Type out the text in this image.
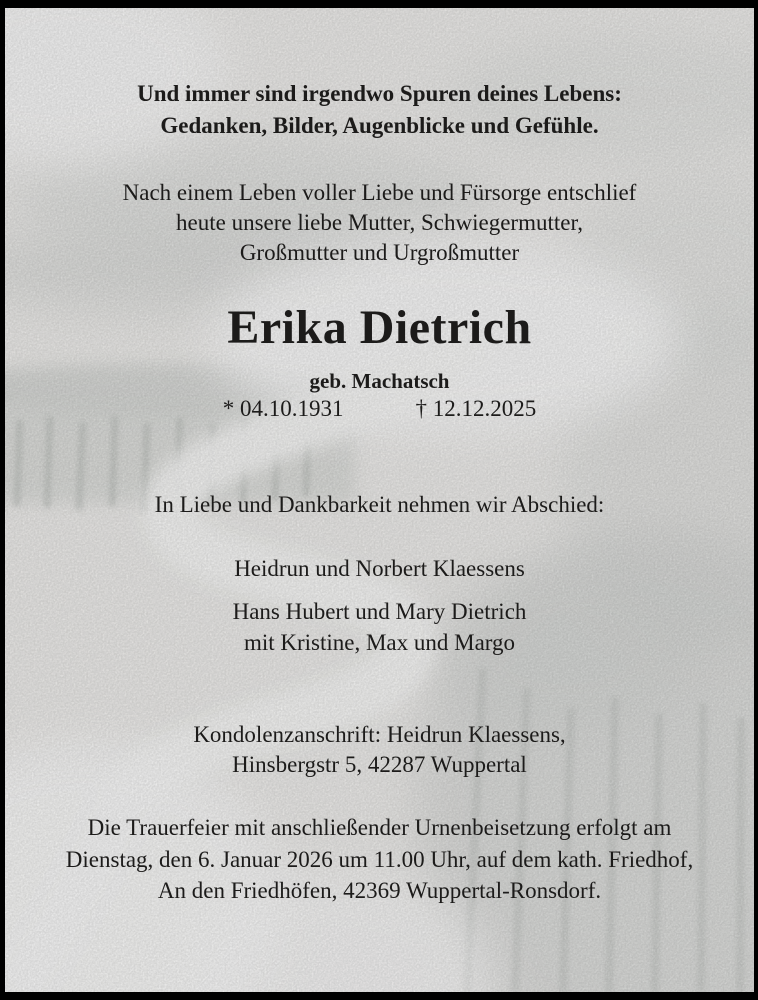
Und immer sind irgendwo Spuren deines Lebens:
Gedanken, Bilder, Augenblicke und Gefühle.
Nach einem Leben voller Liebe und Fürsorge entschlief
heute unsere liebe Mutter, Schwiegermutter,
Großmutter und Urgroßmutter
Erika Dietrich
geb. Machatsch
* 04.10.1931	† 12.12.2025
In Liebe und Dankbarkeit nehmen wir Abschied:
Heidrun und Norbert Klaessens
Hans Hubert und Mary Dietrich
mit Kristine, Max und Margo
Kondolenzanschrift: Heidrun Klaessens,
Hinsbergstr 5, 42287 Wuppertal
Die Trauerfeier mit anschließender Urnenbeisetzung erfolgt am
Dienstag, den 6. Januar 2026 um 11.00 Uhr, auf dem kath. Friedhof,
An den Friedhöfen, 42369 Wuppertal-Ronsdorf.
